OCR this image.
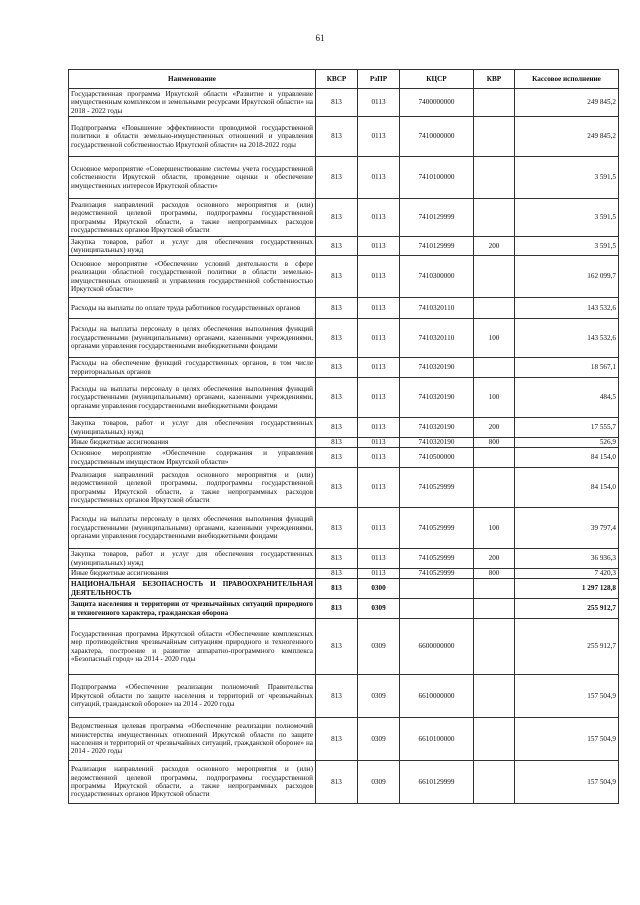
61
Наименование	КВСР	РзПР	КЦСР	КВР	Кассовое исполнение
Государственная программа Иркутской области «Развитие и управление имущественным комплексом и земельными ресурсами Иркутской области» на 2018 - 2022 годы	813	0113	7400000000		249 845,2
Подпрограмма «Повышение эффективности проводимой государственной политики в области земельно-имущественных отношений и управления государственной собственностью Иркутской области» на 2018-2022 годы	813	0113	7410000000		249 845,2
Основное мероприятие «Совершенствование системы учета государственной собственности Иркутской области, проведение оценки и обеспечение имущественных интересов Иркутской области»	813	0113	7410100000		3 591,5
Реализация направлений расходов основного мероприятия и (или) ведомственной целевой программы, подпрограммы государственной программы Иркутской области, а также непрограммных расходов государственных органов Иркутской области	813	0113	7410129999		3 591,5
Закупка товаров, работ и услуг для обеспечения государственных (муниципальных) нужд	813	0113	7410129999	200	3 591,5
Основное мероприятие «Обеспечение условий деятельности в сфере реализации областной государственной политики в области земельно-имущественных отношений и управления государственной собственностью Иркутской области»	813	0113	7410300000		162 099,7
Расходы на выплаты по оплате труда работников государственных органов	813	0113	7410320110		143 532,6
Расходы на выплаты персоналу в целях обеспечения выполнения функций государственными (муниципальными) органами, казенными учреждениями, органами управления государственными внебюджетными фондами	813	0113	7410320110	100	143 532,6
Расходы на обеспечение функций государственных органов, в том числе территориальных органов	813	0113	7410320190		18 567,1
Расходы на выплаты персоналу в целях обеспечения выполнения функций государственными (муниципальными) органами, казенными учреждениями, органами управления государственными внебюджетными фондами	813	0113	7410320190	100	484,5
Закупка товаров, работ и услуг для обеспечения государственных (муниципальных) нужд	813	0113	7410320190	200	17 555,7
Иные бюджетные ассигнования	813	0113	7410320190	800	526,9
Основное мероприятие «Обеспечение содержания и управления государственным имуществом Иркутской области»	813	0113	7410500000		84 154,0
Реализация направлений расходов основного мероприятия и (или) ведомственной целевой программы, подпрограммы государственной программы Иркутской области, а также непрограммных расходов государственных органов Иркутской области	813	0113	7410529999		84 154,0
Расходы на выплаты персоналу в целях обеспечения выполнения функций государственными (муниципальными) органами, казенными учреждениями, органами управления государственными внебюджетными фондами	813	0113	7410529999	100	39 797,4
Закупка товаров, работ и услуг для обеспечения государственных (муниципальных) нужд	813	0113	7410529999	200	36 936,3
Иные бюджетные ассигнования	813	0113	7410529999	800	7 420,3
НАЦИОНАЛЬНАЯ БЕЗОПАСНОСТЬ И ПРАВООХРАНИТЕЛЬНАЯ ДЕЯТЕЛЬНОСТЬ	813	0300			1 297 128,8
Защита населения и территории от чрезвычайных ситуаций природного и техногенного характера, гражданская оборона	813	0309			255 912,7
Государственная программа Иркутской области «Обеспечение комплексных мер противодействия чрезвычайным ситуациям природного и техногенного характера, построение и развитие аппаратно-программного комплекса «Безопасный город» на 2014 - 2020 годы	813	0309	6600000000		255 912,7
Подпрограмма «Обеспечение реализации полномочий Правительства Иркутской области по защите населения и территорий от чрезвычайных ситуаций, гражданской обороне» на 2014 - 2020 годы	813	0309	6610000000		157 504,9
Ведомственная целевая программа «Обеспечение реализации полномочий министерства имущественных отношений Иркутской области по защите населения и территорий от чрезвычайных ситуаций, гражданской обороне» на 2014 - 2020 годы	813	0309	6610100000		157 504,9
Реализация направлений расходов основного мероприятия и (или) ведомственной целевой программы, подпрограммы государственной программы Иркутской области, а также непрограммных расходов государственных органов Иркутской области	813	0309	6610129999		157 504,9
